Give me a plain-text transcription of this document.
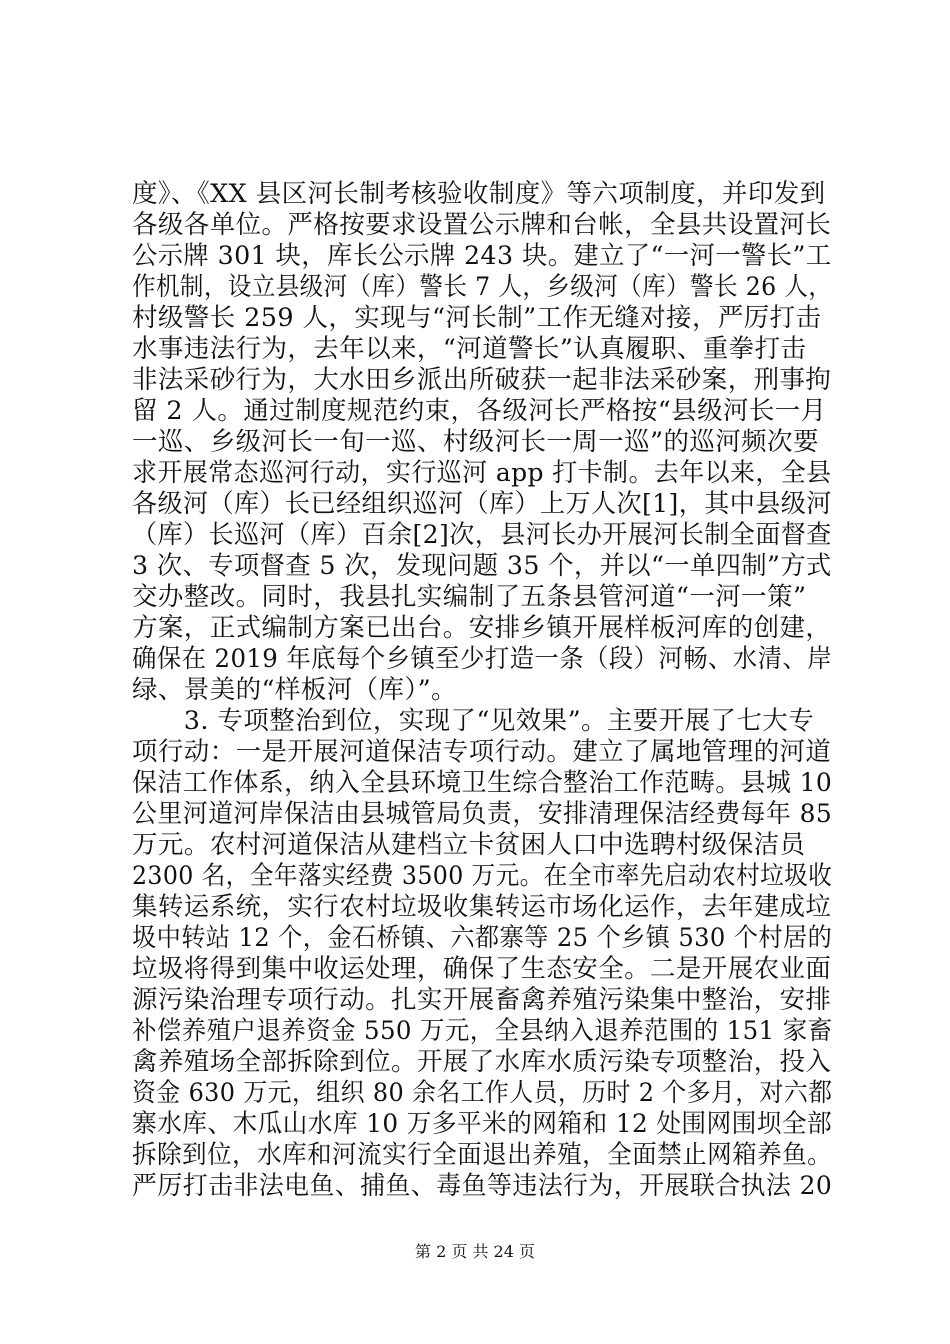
度》、《XX 县区河长制考核验收制度》等六项制度，并印发到
各级各单位。严格按要求设置公示牌和台帐，全县共设置河长
公示牌 301 块，库长公示牌 243 块。建立了“一河一警长”工
作机制，设立县级河（库）警长 7 人，乡级河（库）警长 26 人，
村级警长 259 人，实现与“河长制”工作无缝对接，严厉打击
水事违法行为，去年以来，“河道警长”认真履职、重拳打击
非法采砂行为，大水田乡派出所破获一起非法采砂案，刑事拘
留 2 人。通过制度规范约束，各级河长严格按“县级河长一月
一巡、乡级河长一旬一巡、村级河长一周一巡”的巡河频次要
求开展常态巡河行动，实行巡河 app 打卡制。去年以来，全县
各级河（库）长已经组织巡河（库）上万人次[1]，其中县级河
（库）长巡河（库）百余[2]次，县河长办开展河长制全面督查
3 次、专项督查 5 次，发现问题 35 个，并以“一单四制”方式
交办整改。同时，我县扎实编制了五条县管河道“一河一策”
方案，正式编制方案已出台。安排乡镇开展样板河库的创建，
确保在 2019 年底每个乡镇至少打造一条（段）河畅、水清、岸
绿、景美的“样板河（库）”。
　　3. 专项整治到位，实现了“见效果”。主要开展了七大专
项行动：一是开展河道保洁专项行动。建立了属地管理的河道
保洁工作体系，纳入全县环境卫生综合整治工作范畴。县城 10
公里河道河岸保洁由县城管局负责，安排清理保洁经费每年 85
万元。农村河道保洁从建档立卡贫困人口中选聘村级保洁员
2300 名，全年落实经费 3500 万元。在全市率先启动农村垃圾收
集转运系统，实行农村垃圾收集转运市场化运作，去年建成垃
圾中转站 12 个，金石桥镇、六都寨等 25 个乡镇 530 个村居的
垃圾将得到集中收运处理，确保了生态安全。二是开展农业面
源污染治理专项行动。扎实开展畜禽养殖污染集中整治，安排
补偿养殖户退养资金 550 万元，全县纳入退养范围的 151 家畜
禽养殖场全部拆除到位。开展了水库水质污染专项整治，投入
资金 630 万元，组织 80 余名工作人员，历时 2 个多月，对六都
寨水库、木瓜山水库 10 万多平米的网箱和 12 处围网围坝全部
拆除到位，水库和河流实行全面退出养殖，全面禁止网箱养鱼。
严厉打击非法电鱼、捕鱼、毒鱼等违法行为，开展联合执法 20
第 2 页 共 24 页
